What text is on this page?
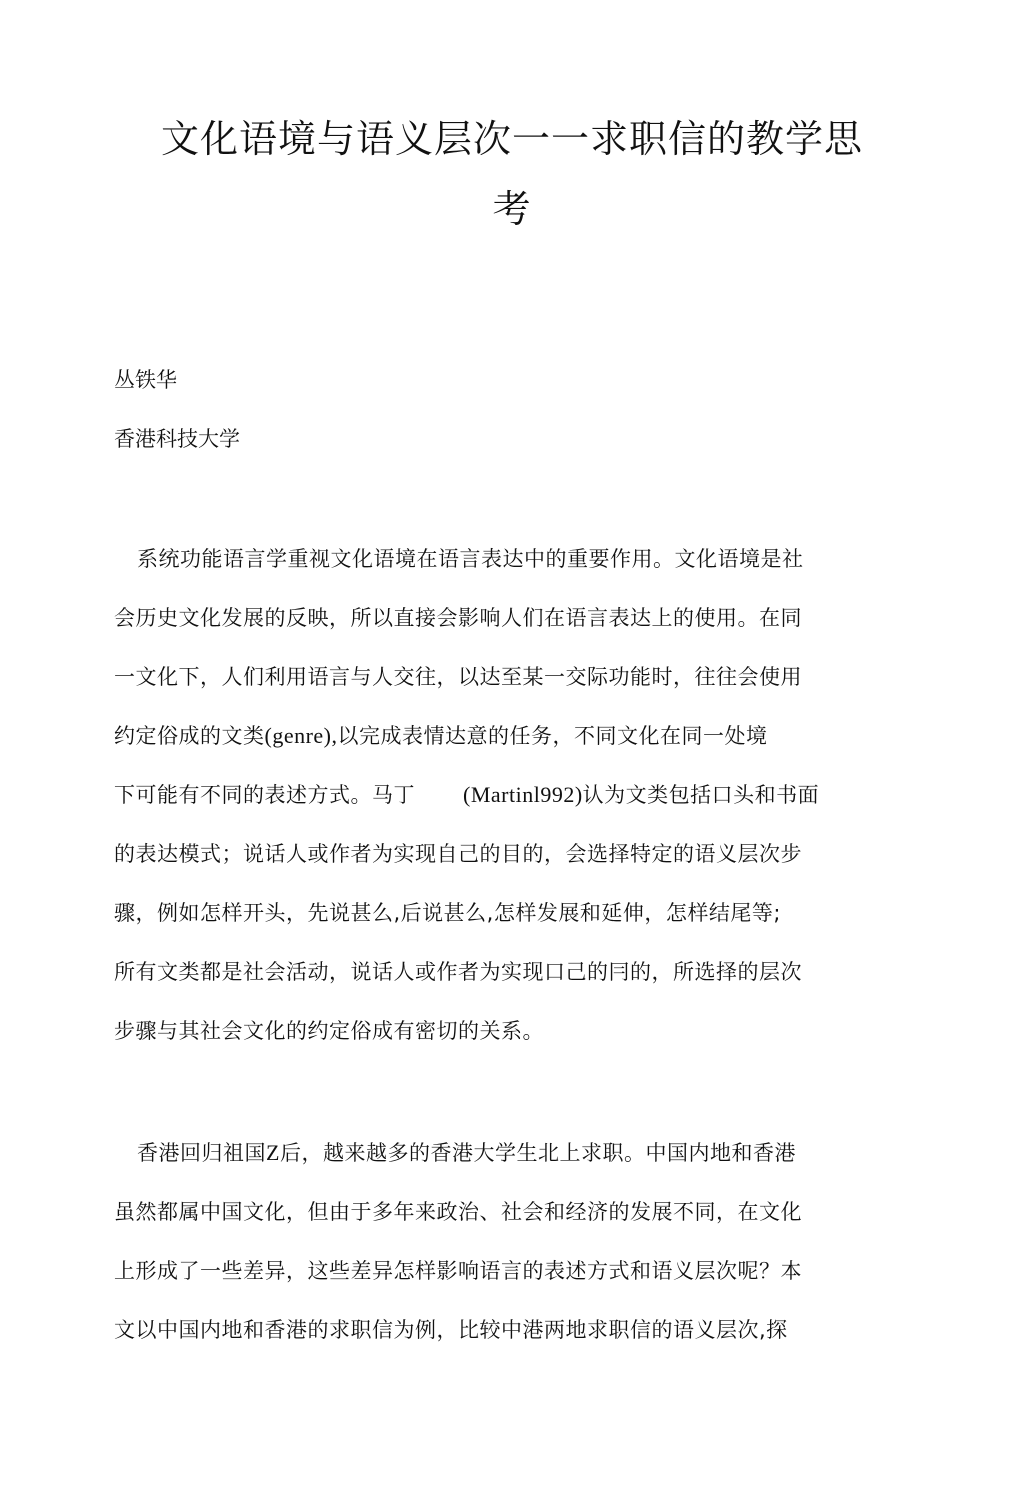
文化语境与语义层次一一求职信的教学思
考
丛铁华
香港科技大学
系统功能语言学重视文化语境在语言表达中的重要作用。文化语境是社
会历史文化发展的反映，所以直接会影响人们在语言表达上的使用。在同
一文化下，人们利用语言与人交往，以达至某一交际功能时，往往会使用
约定俗成的文类(genre),以完成表情达意的任务，不同文化在同一处境
下可能有不同的表述方式。马丁 (Martinl992)认为文类包括口头和书面
的表达模式；说话人或作者为实现自己的目的，会选择特定的语义层次步
骤，例如怎样开头，先说甚么,后说甚么,怎样发展和延伸，怎样结尾等;
所有文类都是社会活动，说话人或作者为实现口己的冃的，所选择的层次
步骤与其社会文化的约定俗成有密切的关系。
香港回归祖国Z后，越来越多的香港大学生北上求职。中国内地和香港
虽然都属中国文化，但由于多年来政治、社会和经济的发展不同，在文化
上形成了一些差异，这些差异怎样影响语言的表述方式和语义层次呢？本
文以中国内地和香港的求职信为例，比较中港两地求职信的语义层次,探
